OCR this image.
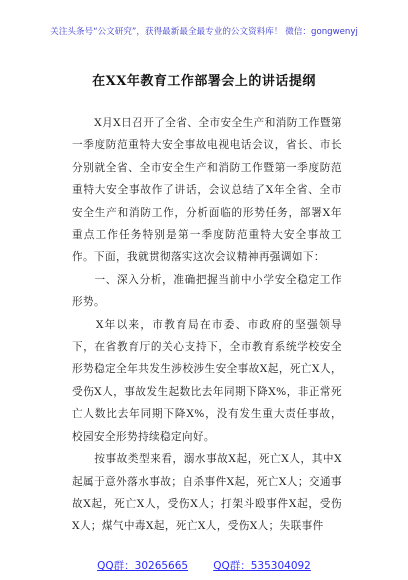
关注头条号“公文研究”，获得最新最全最专业的公文资料库！ 微信：gongwenyj
在XX年教育工作部署会上的讲话提纲

　　X月X日召开了全省、全市安全生产和消防工作暨第一季度防范重特大安全事故电视电话会议，省长、市长分别就全省、全市安全生产和消防工作暨第一季度防范重特大安全事故作了讲话，会议总结了X年全省、全市安全生产和消防工作，分析面临的形势任务，部署X年重点工作任务特别是第一季度防范重特大安全事故工作。下面，我就贯彻落实这次会议精神再强调如下：

　　一、深入分析，准确把握当前中小学安全稳定工作形势。

　　X年以来，市教育局在市委、市政府的坚强领导下，在省教育厅的关心支持下，全市教育系统学校安全形势稳定全年共发生涉校涉生安全事故X起，死亡X人，受伤X人，事故发生起数比去年同期下降X%，非正常死亡人数比去年同期下降X%，没有发生重大责任事故，校园安全形势持续稳定向好。

　　按事故类型来看，溺水事故X起，死亡X人，其中X起属于意外落水事故；自杀事件X起，死亡X人；交通事故X起，死亡X人，受伤X人；打架斗殴事件X起，受伤X人；煤气中毒X起，死亡X人，受伤X人；失联事件

QQ群：30265665 QQ群：535304092
